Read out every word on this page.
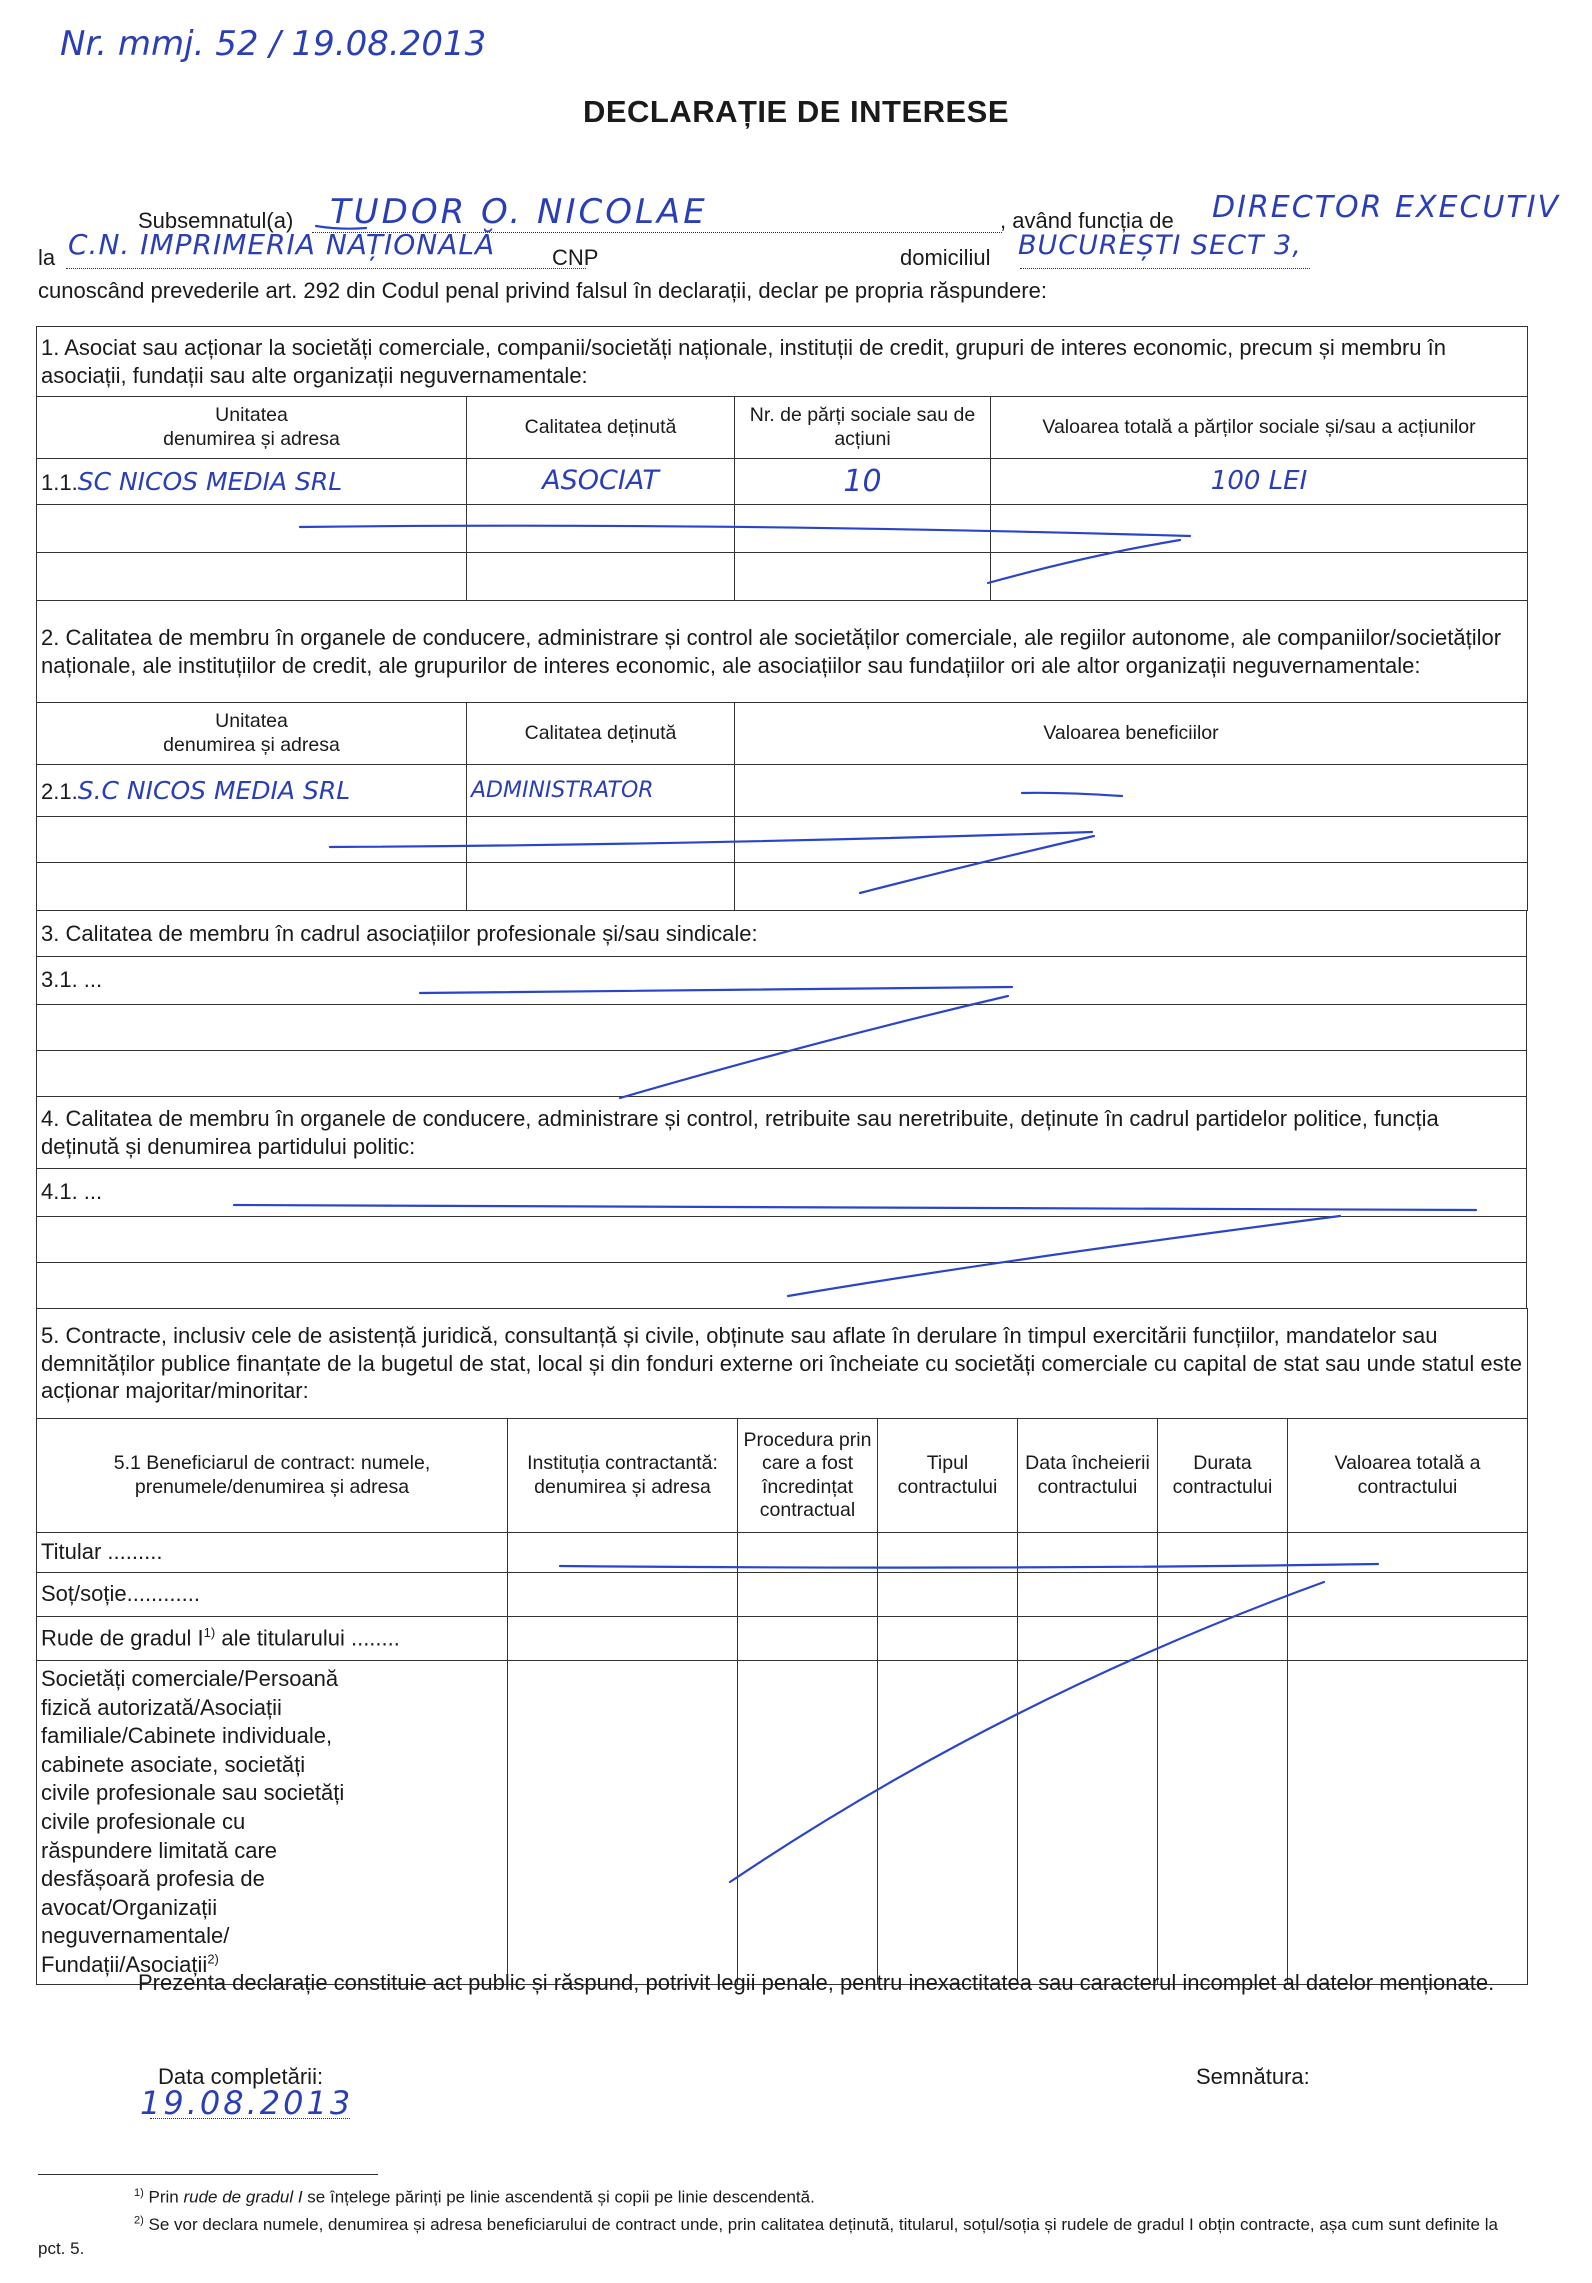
Nr. mmj. 52 / 19.08.2013
DECLARAȚIE DE INTERESE
Subsemnatul(a) TUDOR O. NICOLAE	, având funcția de DIRECTOR EXECUTIV
la C.N. IMPRIMERIA NAȚIONALĂ	CNP	domiciliul BUCUREȘTI SECT 3,
cunoscând prevederile art. 292 din Codul penal privind falsul în declarații, declar pe propria răspundere:
1. Asociat sau acționar la societăți comerciale, companii/societăți naționale, instituții de credit, grupuri de interes economic, precum și membru în asociații, fundații sau alte organizații neguvernamentale:			
Unitatea
denumirea și adresa	Calitatea deținută	Nr. de părți sociale sau de acțiuni	Valoarea totală a părților sociale și/sau a acțiunilor
1.1.SC NICOS MEDIA SRL	ASOCIAT	10	100 LEI

2. Calitatea de membru în organele de conducere, administrare și control ale societăților comerciale, ale regiilor autonome, ale companiilor/societăților naționale, ale instituțiilor de credit, ale grupurilor de interes economic, ale asociațiilor sau fundațiilor ori ale altor organizații neguvernamentale:		
Unitatea
denumirea și adresa	Calitatea deținută	Valoarea beneficiilor
2.1.S.C NICOS MEDIA SRL	ADMINISTRATOR	

3. Calitatea de membru în cadrul asociațiilor profesionale și/sau sindicale:
3.1. ...

4. Calitatea de membru în organele de conducere, administrare și control, retribuite sau neretribuite, deținute în cadrul partidelor politice, funcția deținută și denumirea partidului politic:
4.1. ...

5. Contracte, inclusiv cele de asistență juridică, consultanță și civile, obținute sau aflate în derulare în timpul exercitării funcțiilor, mandatelor sau demnităților publice finanțate de la bugetul de stat, local și din fonduri externe ori încheiate cu societăți comerciale cu capital de stat sau unde statul este acționar majoritar/minoritar:						
5.1 Beneficiarul de contract: numele, prenumele/denumirea și adresa	Instituția contractantă: denumirea și adresa	Procedura prin care a fost încredințat contractual	Tipul contractului	Data încheierii contractului	Durata contractului	Valoarea totală a contractului
Titular .........						
Soț/soție............						
Rude de gradul $I^{1)}$ ale titularului ........						
Societăți comerciale/Persoană fizică autorizată/Asociații familiale/Cabinete individuale, cabinete asociate, societăți civile profesionale sau societăți civile profesionale cu răspundere limitată care desfășoară profesia de avocat/Organizații neguvernamentale/ Fundații/Asociații$^{2)}$						
Prezenta declarație constituie act public și răspund, potrivit legii penale, pentru inexactitatea sau caracterul incomplet al datelor menționate.
Data completării:
19.08.2013
Semnătura:
$^{1)}$ Prin rude de gradul I se înțelege părinți pe linie ascendentă și copii pe linie descendentă.
$^{2)}$ Se vor declara numele, denumirea și adresa beneficiarului de contract unde, prin calitatea deținută, titularul, soțul/soția și rudele de gradul I obțin contracte, așa cum sunt definite la pct. 5.
